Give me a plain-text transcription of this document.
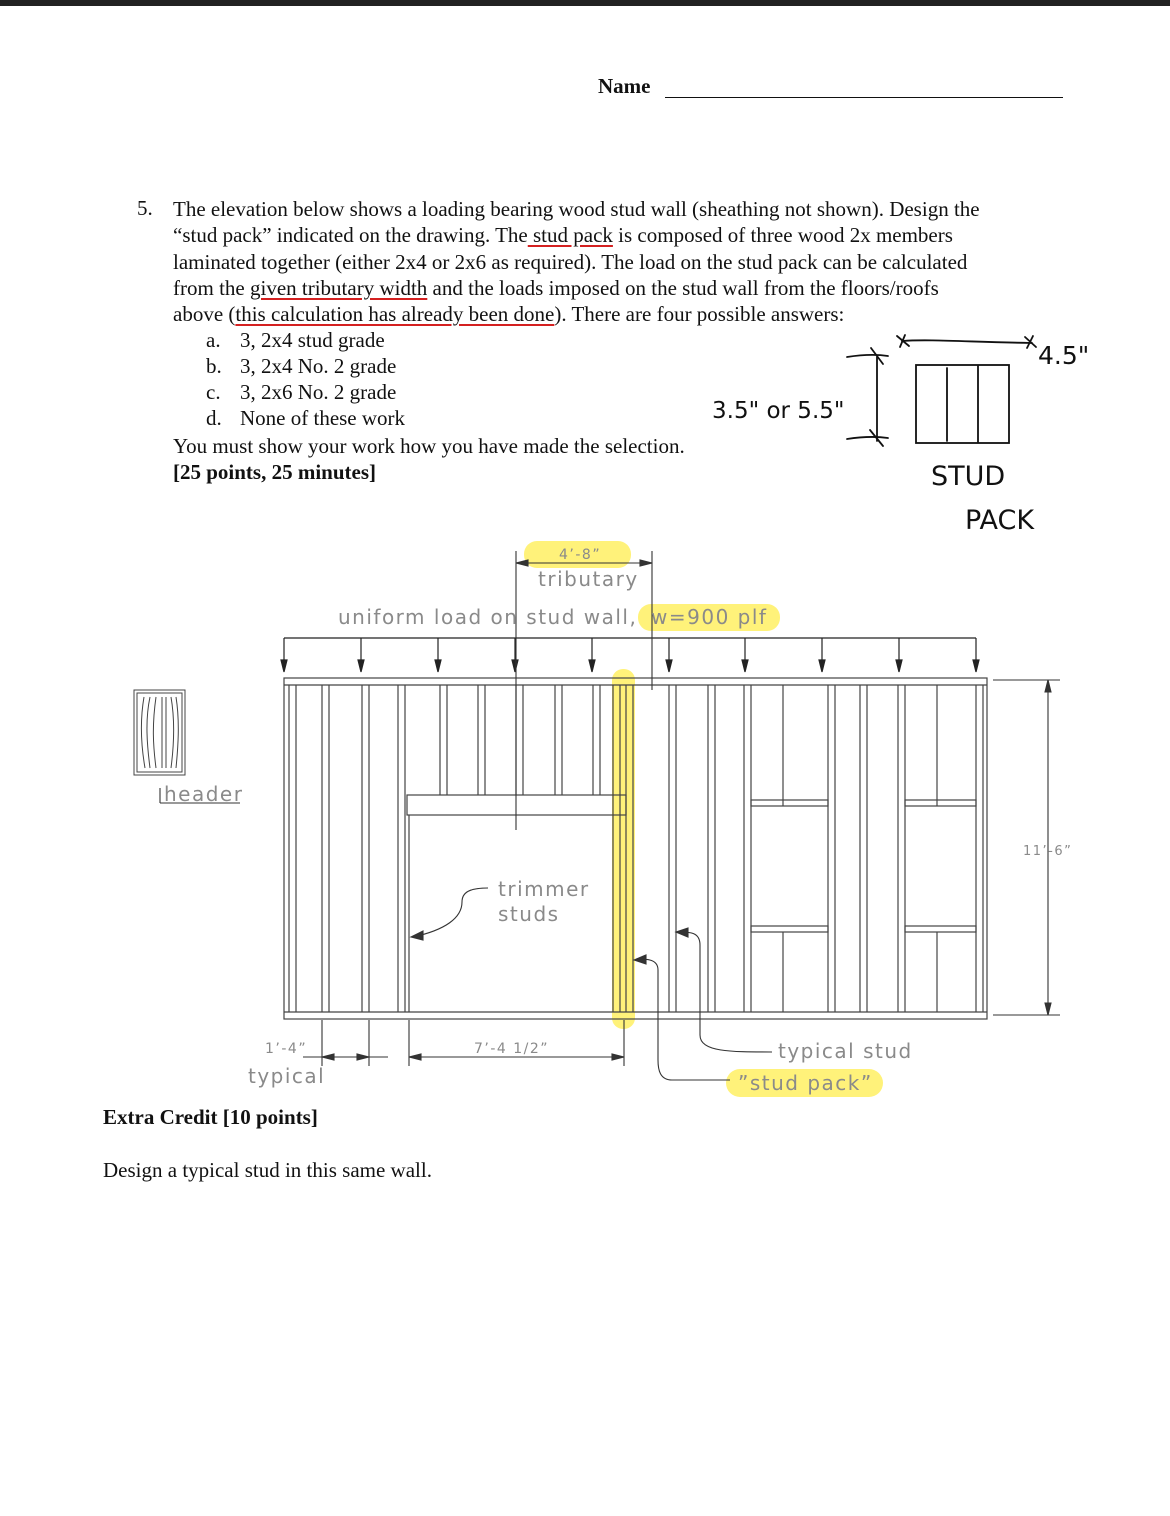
Name
5. The elevation below shows a loading bearing wood stud wall (sheathing not shown). Design the
“stud pack” indicated on the drawing. The stud pack is composed of three wood 2x members
laminated together (either 2x4 or 2x6 as required). The load on the stud pack can be calculated
from the given tributary width and the loads imposed on the stud wall from the floors/roofs
above (this calculation has already been done). There are four possible answers:
a. 3, 2x4 stud grade
b. 3, 2x4 No. 2 grade
c. 3, 2x6 No. 2 grade
d. None of these work
You must show your work how you have made the selection.
[25 points, 25 minutes]
4.5"
3.5" or 5.5"
STUD
PACK
4’-8”
tributary
uniform load on stud wall, w=900 plf
header
trimmer
studs
11’-6”
1’-4”
typical
7’-4 1/2”	typical stud
”stud pack”
Extra Credit [10 points]
Design a typical stud in this same wall.
